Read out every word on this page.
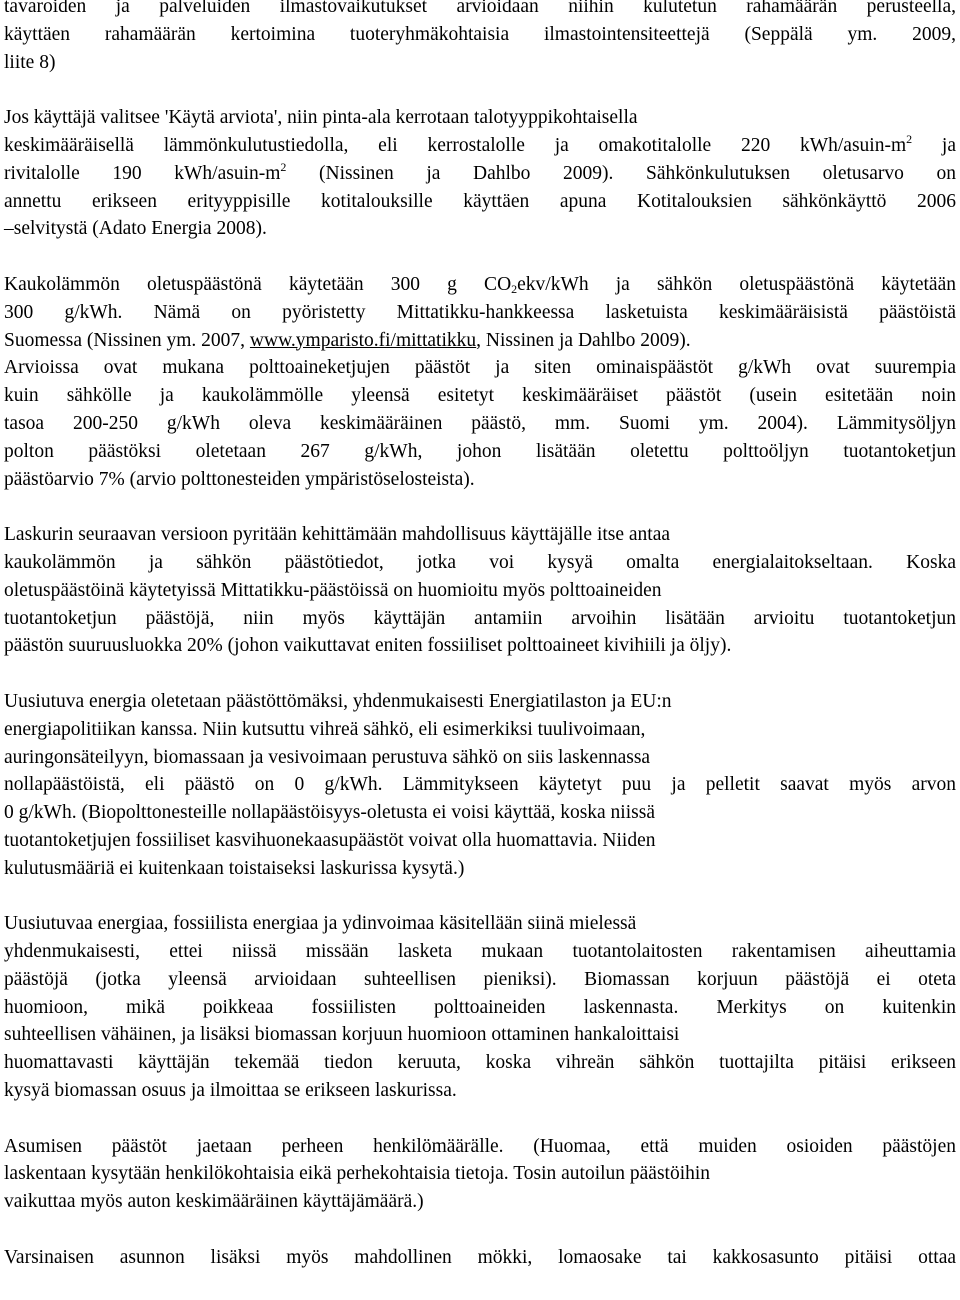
tavaroiden ja palveluiden ilmastovaikutukset arvioidaan niihin kulutetun rahamäärän perusteella,
käyttäen rahamäärän kertoimina tuoteryhmäkohtaisia ilmastointensiteettejä (Seppälä ym. 2009,
liite 8)
Jos käyttäjä valitsee 'Käytä arviota', niin pinta-ala kerrotaan talotyyppikohtaisella
keskimääräisellä lämmönkulutustiedolla, eli kerrostalolle ja omakotitalolle 220 kWh/$asuin-m^2$ ja
rivitalolle 190 kWh/$asuin-m^2$ (Nissinen ja Dahlbo 2009). Sähkönkulutuksen oletusarvo on
annettu erikseen erityyppisille kotitalouksille käyttäen apuna Kotitalouksien sähkönkäyttö 2006
–selvitystä (Adato Energia 2008).
Kaukolämmön oletuspäästönä käytetään 300 g $CO_2ekv$/kWh ja sähkön oletuspäästönä käytetään
300 g/kWh. Nämä on pyöristetty Mittatikku-hankkeessa lasketuista keskimääräisistä päästöistä
Suomessa (Nissinen ym. 2007, www.ymparisto.fi/mittatikku, Nissinen ja Dahlbo 2009).
Arvioissa ovat mukana polttoaineketjujen päästöt ja siten ominaispäästöt g/kWh ovat suurempia
kuin sähkölle ja kaukolämmölle yleensä esitetyt keskimääräiset päästöt (usein esitetään noin
tasoa 200-250 g/kWh oleva keskimääräinen päästö, mm. Suomi ym. 2004). Lämmitysöljyn
polton päästöksi oletetaan 267 g/kWh, johon lisätään oletettu polttoöljyn tuotantoketjun
päästöarvio 7% (arvio polttonesteiden ympäristöselosteista).
Laskurin seuraavan versioon pyritään kehittämään mahdollisuus käyttäjälle itse antaa
kaukolämmön ja sähkön päästötiedot, jotka voi kysyä omalta energialaitokseltaan. Koska
oletuspäästöinä käytetyissä Mittatikku-päästöissä on huomioitu myös polttoaineiden
tuotantoketjun päästöjä, niin myös käyttäjän antamiin arvoihin lisätään arvioitu tuotantoketjun
päästön suuruusluokka 20% (johon vaikuttavat eniten fossiiliset polttoaineet kivihiili ja öljy).
Uusiutuva energia oletetaan päästöttömäksi, yhdenmukaisesti Energiatilaston ja EU:n
energiapolitiikan kanssa. Niin kutsuttu vihreä sähkö, eli esimerkiksi tuulivoimaan,
auringonsäteilyyn, biomassaan ja vesivoimaan perustuva sähkö on siis laskennassa
nollapäästöistä, eli päästö on 0 g/kWh. Lämmitykseen käytetyt puu ja pelletit saavat myös arvon
0 g/kWh. (Biopolttonesteille nollapäästöisyys-oletusta ei voisi käyttää, koska niissä
tuotantoketjujen fossiiliset kasvihuonekaasupäästöt voivat olla huomattavia. Niiden
kulutusmääriä ei kuitenkaan toistaiseksi laskurissa kysytä.)
Uusiutuvaa energiaa, fossiilista energiaa ja ydinvoimaa käsitellään siinä mielessä
yhdenmukaisesti, ettei niissä missään lasketa mukaan tuotantolaitosten rakentamisen aiheuttamia
päästöjä (jotka yleensä arvioidaan suhteellisen pieniksi). Biomassan korjuun päästöjä ei oteta
huomioon, mikä poikkeaa fossiilisten polttoaineiden laskennasta. Merkitys on kuitenkin
suhteellisen vähäinen, ja lisäksi biomassan korjuun huomioon ottaminen hankaloittaisi
huomattavasti käyttäjän tekemää tiedon keruuta, koska vihreän sähkön tuottajilta pitäisi erikseen
kysyä biomassan osuus ja ilmoittaa se erikseen laskurissa.
Asumisen päästöt jaetaan perheen henkilömäärälle. (Huomaa, että muiden osioiden päästöjen
laskentaan kysytään henkilökohtaisia eikä perhekohtaisia tietoja. Tosin autoilun päästöihin
vaikuttaa myös auton keskimääräinen käyttäjämäärä.)
Varsinaisen asunnon lisäksi myös mahdollinen mökki, lomaosake tai kakkosasunto pitäisi ottaa
